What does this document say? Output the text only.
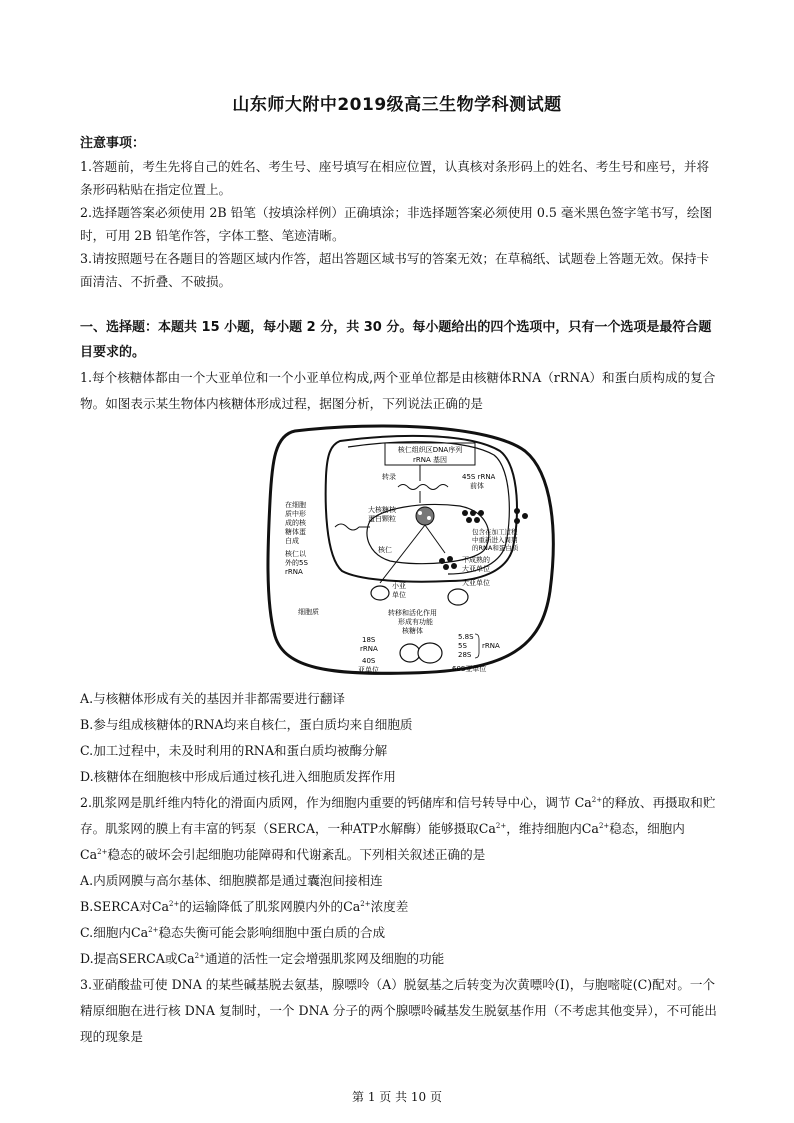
山东师大附中2019级高三生物学科测试题
注意事项：

1.答题前，考生先将自己的姓名、考生号、座号填写在相应位置，认真核对条形码上的姓名、考生号和座号，并将条形码粘贴在指定位置上。

2.选择题答案必须使用 2B 铅笔（按填涂样例）正确填涂；非选择题答案必须使用 0.5 毫米黑色签字笔书写，绘图时，可用 2B 铅笔作答，字体工整、笔迹清晰。

3.请按照题号在各题目的答题区域内作答，超出答题区域书写的答案无效；在草稿纸、试题卷上答题无效。保持卡面清洁、不折叠、不破损。

一、选择题：本题共 15 小题，每小题 2 分，共 30 分。每小题给出的四个选项中，只有一个选项是最符合题目要求的。

1.每个核糖体都由一个大亚单位和一个小亚单位构成,两个亚单位都是由核糖体RNA（rRNA）和蛋白质构成的复合物。如图表示某生物体内核糖体形成过程，据图分析，下列说法正确的是

核仁组织区DNA序列
rRNA 基因
转录	45S rRNA
前体
大核糖核
蛋白颗粒
包含在加工过程
中重新进入周期
的RNA和蛋白质
在细胞
质中形
成的核
糖体蛋
白成
核仁以
外的5S
rRNA
核仁
不成熟的
大亚单位
大亚单位
小亚
单位
细胞质	转移和活化作用
形成有功能
核糖体
18S
rRNA
40S
亚单位
5.8S
5S
28S
rRNA
60S亚单位

A.与核糖体形成有关的基因并非都需要进行翻译

B.参与组成核糖体的RNA均来自核仁，蛋白质均来自细胞质

C.加工过程中，未及时利用的RNA和蛋白质均被酶分解

D.核糖体在细胞核中形成后通过核孔进入细胞质发挥作用

2.肌浆网是肌纤维内特化的滑面内质网，作为细胞内重要的钙储库和信号转导中心，调节 $Ca^{2+}$的释放、再摄取和贮存。肌浆网的膜上有丰富的钙泵（SERCA，一种ATP水解酶）能够摄取$Ca^{2+}$，维持细胞内$Ca^{2+}$稳态，细胞内$Ca^{2+}$稳态的破坏会引起细胞功能障碍和代谢紊乱。下列相关叙述正确的是

A.内质网膜与高尔基体、细胞膜都是通过囊泡间接相连

B.SERCA对$Ca^{2+}$的运输降低了肌浆网膜内外的$Ca^{2+}$浓度差

C.细胞内$Ca^{2+}$稳态失衡可能会影响细胞中蛋白质的合成

D.提高SERCA或$Ca^{2+}$通道的活性一定会增强肌浆网及细胞的功能

3.亚硝酸盐可使 DNA 的某些碱基脱去氨基，腺嘌呤（A）脱氨基之后转变为次黄嘌呤(I)，与胞嘧啶(C)配对。一个精原细胞在进行核 DNA 复制时，一个 DNA 分子的两个腺嘌呤碱基发生脱氨基作用（不考虑其他变异），不可能出现的现象是

第 1 页 共 10 页
